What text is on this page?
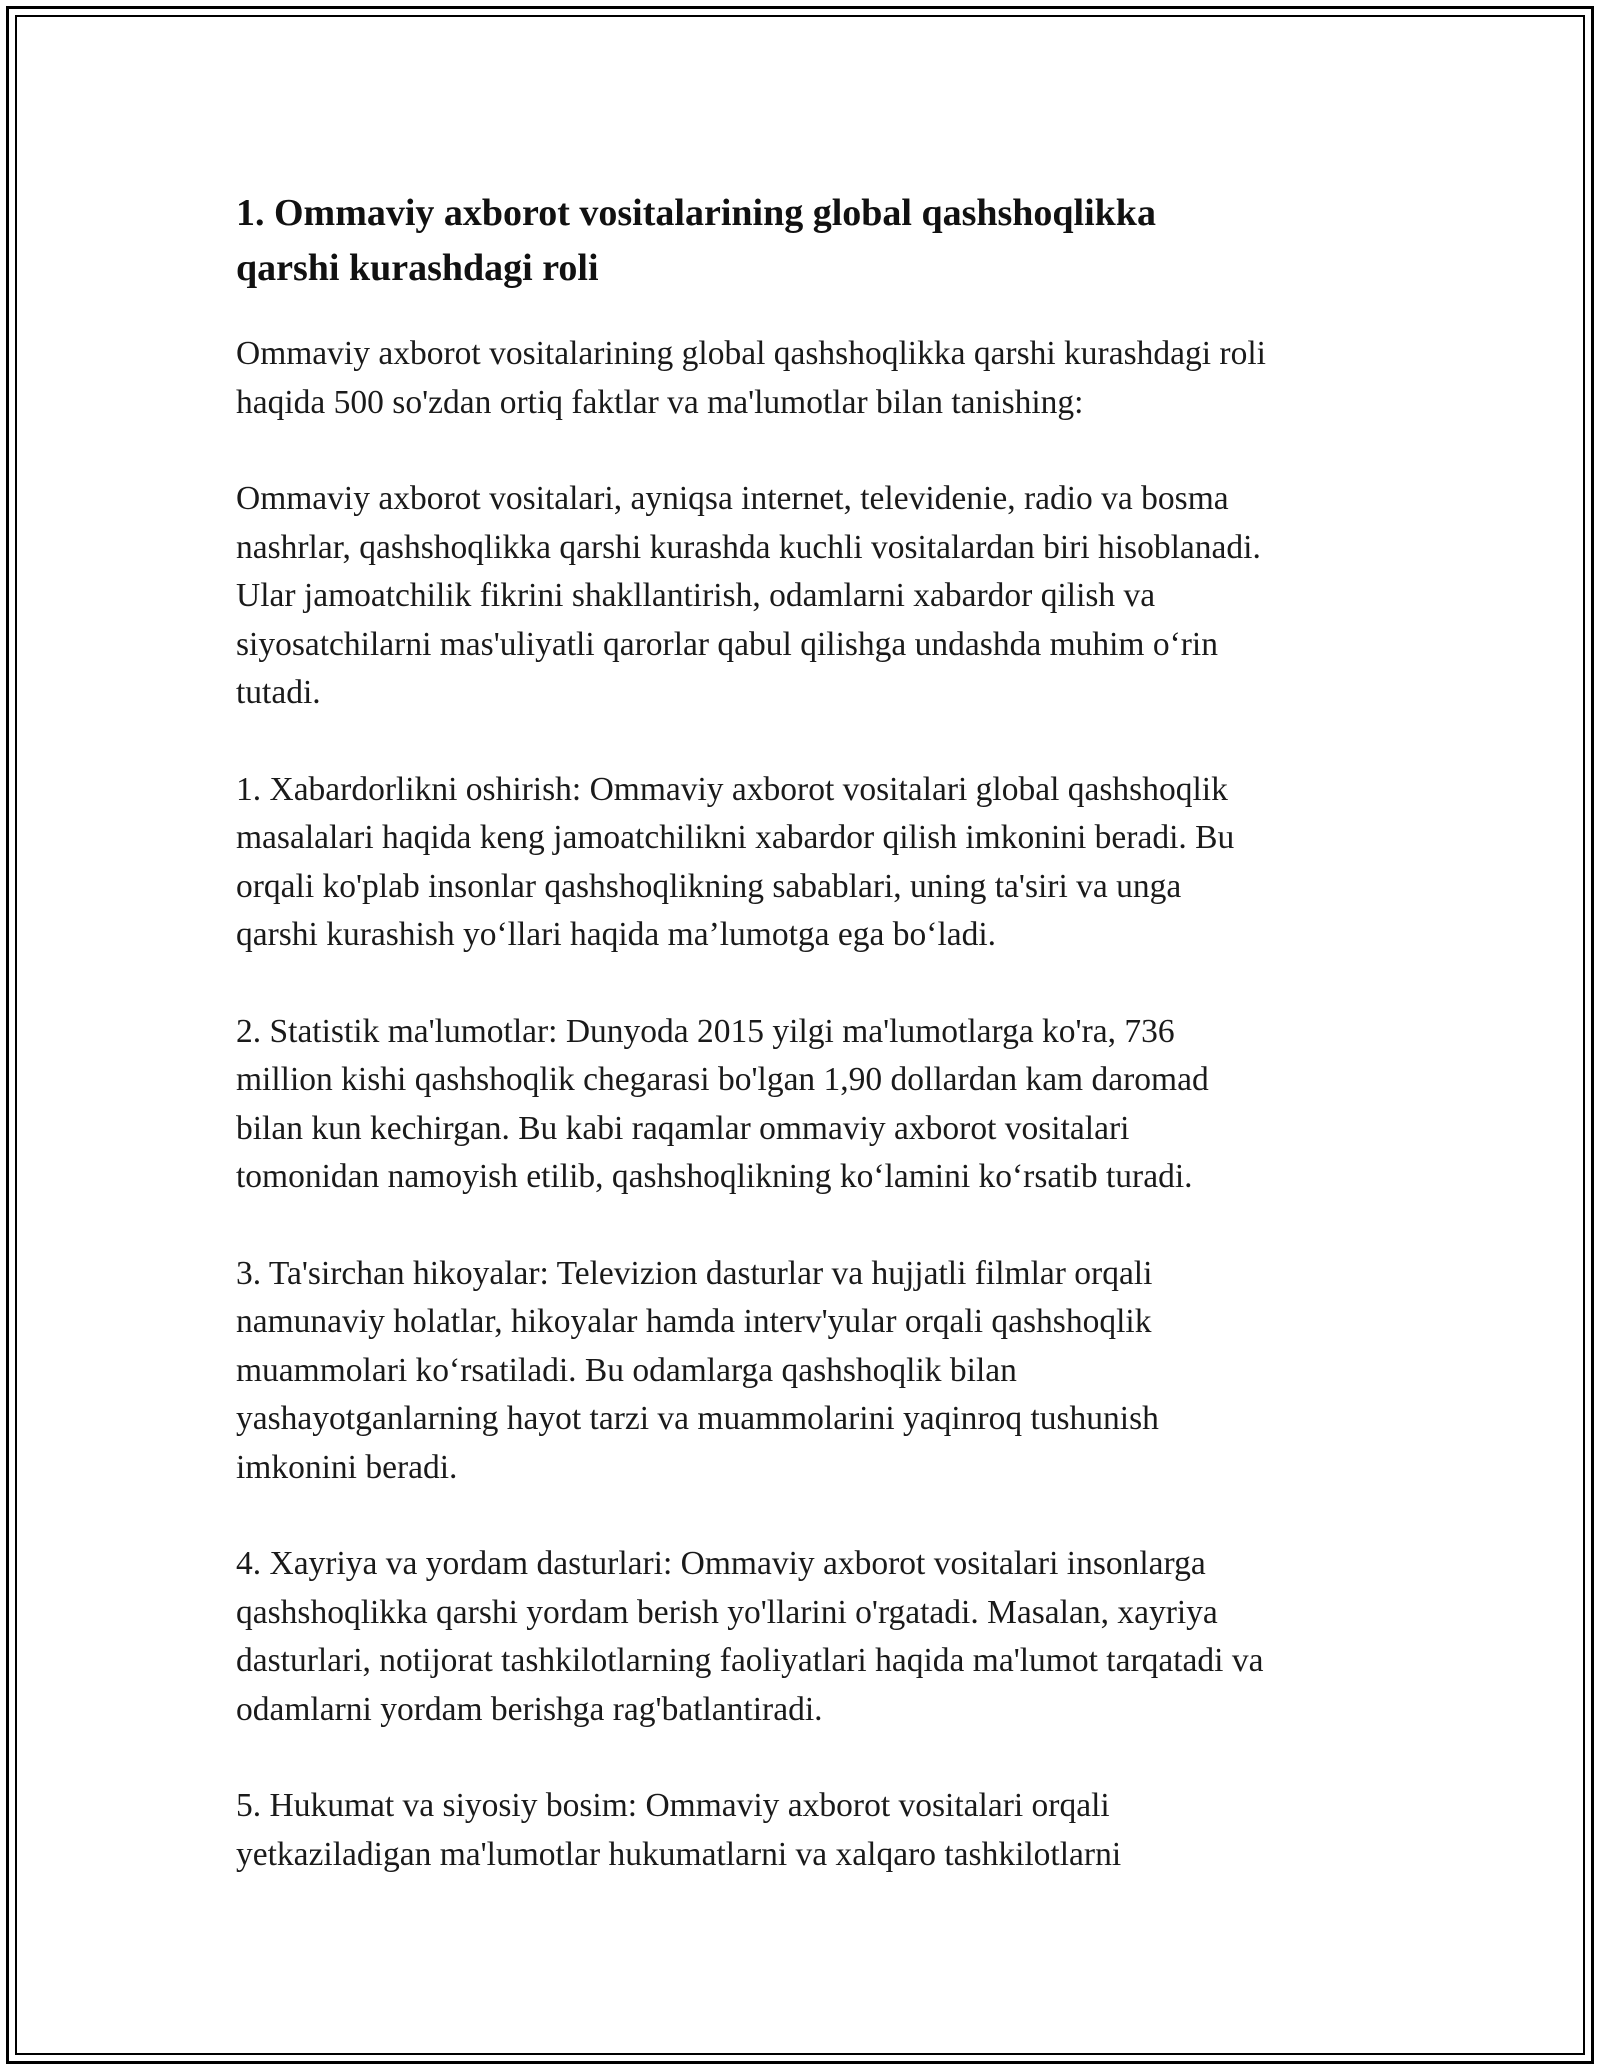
1. Ommaviy axborot vositalarining global qashshoqlikka
qarshi kurashdagi roli

Ommaviy axborot vositalarining global qashshoqlikka qarshi kurashdagi roli
haqida 500 so'zdan ortiq faktlar va ma'lumotlar bilan tanishing:

Ommaviy axborot vositalari, ayniqsa internet, televidenie, radio va bosma
nashrlar, qashshoqlikka qarshi kurashda kuchli vositalardan biri hisoblanadi.
Ular jamoatchilik fikrini shakllantirish, odamlarni xabardor qilish va
siyosatchilarni mas'uliyatli qarorlar qabul qilishga undashda muhim o‘rin
tutadi.

1. Xabardorlikni oshirish: Ommaviy axborot vositalari global qashshoqlik
masalalari haqida keng jamoatchilikni xabardor qilish imkonini beradi. Bu
orqali ko'plab insonlar qashshoqlikning sabablari, uning ta'siri va unga
qarshi kurashish yo‘llari haqida ma’lumotga ega bo‘ladi.

2. Statistik ma'lumotlar: Dunyoda 2015 yilgi ma'lumotlarga ko'ra, 736
million kishi qashshoqlik chegarasi bo'lgan 1,90 dollardan kam daromad
bilan kun kechirgan. Bu kabi raqamlar ommaviy axborot vositalari
tomonidan namoyish etilib, qashshoqlikning ko‘lamini ko‘rsatib turadi.

3. Ta'sirchan hikoyalar: Televizion dasturlar va hujjatli filmlar orqali
namunaviy holatlar, hikoyalar hamda interv'yular orqali qashshoqlik
muammolari ko‘rsatiladi. Bu odamlarga qashshoqlik bilan
yashayotganlarning hayot tarzi va muammolarini yaqinroq tushunish
imkonini beradi.

4. Xayriya va yordam dasturlari: Ommaviy axborot vositalari insonlarga
qashshoqlikka qarshi yordam berish yo'llarini o'rgatadi. Masalan, xayriya
dasturlari, notijorat tashkilotlarning faoliyatlari haqida ma'lumot tarqatadi va
odamlarni yordam berishga rag'batlantiradi.

5. Hukumat va siyosiy bosim: Ommaviy axborot vositalari orqali
yetkaziladigan ma'lumotlar hukumatlarni va xalqaro tashkilotlarni
